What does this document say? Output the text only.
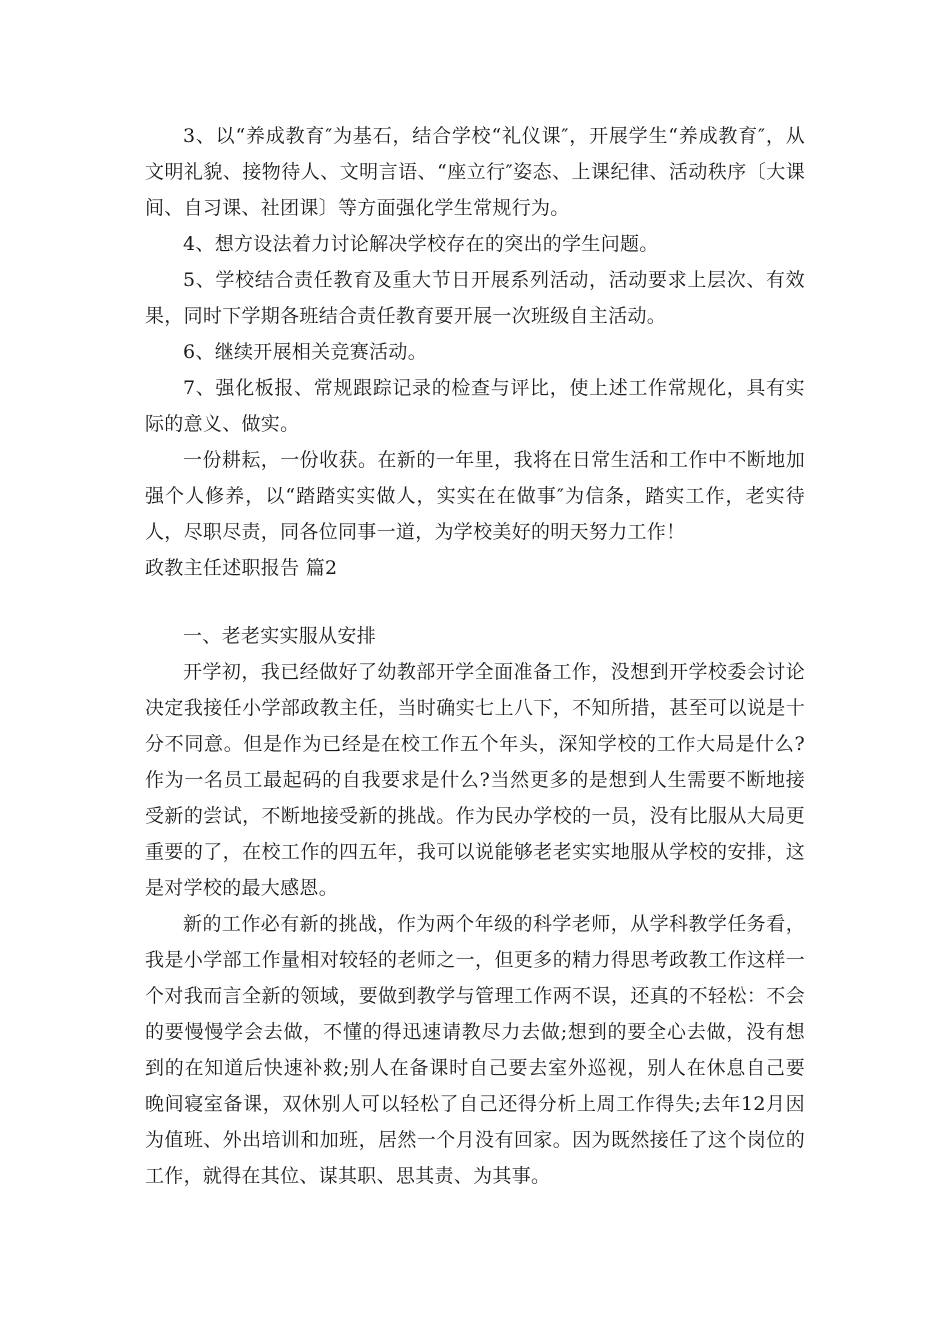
3、以“养成教育″为基石，结合学校“礼仪课″，开展学生“养成教育″，从文明礼貌、接物待人、文明言语、“座立行″姿态、上课纪律、活动秩序〔大课间、自习课、社团课〕等方面强化学生常规行为。

4、想方设法着力讨论解决学校存在的突出的学生问题。

5、学校结合责任教育及重大节日开展系列活动，活动要求上层次、有效果，同时下学期各班结合责任教育要开展一次班级自主活动。

6、继续开展相关竞赛活动。

7、强化板报、常规跟踪记录的检查与评比，使上述工作常规化，具有实际的意义、做实。

一份耕耘，一份收获。在新的一年里，我将在日常生活和工作中不断地加强个人修养，以“踏踏实实做人，实实在在做事″为信条，踏实工作，老实待人，尽职尽责，同各位同事一道，为学校美好的明天努力工作！

政教主任述职报告 篇2

一、老老实实服从安排

开学初，我已经做好了幼教部开学全面准备工作，没想到开学校委会讨论决定我接任小学部政教主任，当时确实七上八下，不知所措，甚至可以说是十分不同意。但是作为已经是在校工作五个年头，深知学校的工作大局是什么?作为一名员工最起码的自我要求是什么?当然更多的是想到人生需要不断地接受新的尝试，不断地接受新的挑战。作为民办学校的一员，没有比服从大局更重要的了，在校工作的四五年，我可以说能够老老实实地服从学校的安排，这是对学校的最大感恩。

新的工作必有新的挑战，作为两个年级的科学老师，从学科教学任务看，我是小学部工作量相对较轻的老师之一，但更多的精力得思考政教工作这样一个对我而言全新的领域，要做到教学与管理工作两不误，还真的不轻松：不会的要慢慢学会去做，不懂的得迅速请教尽力去做;想到的要全心去做，没有想到的在知道后快速补救;别人在备课时自己要去室外巡视，别人在休息自己要晚间寝室备课，双休别人可以轻松了自己还得分析上周工作得失;去年12月因为值班、外出培训和加班，居然一个月没有回家。因为既然接任了这个岗位的工作，就得在其位、谋其职、思其责、为其事。
